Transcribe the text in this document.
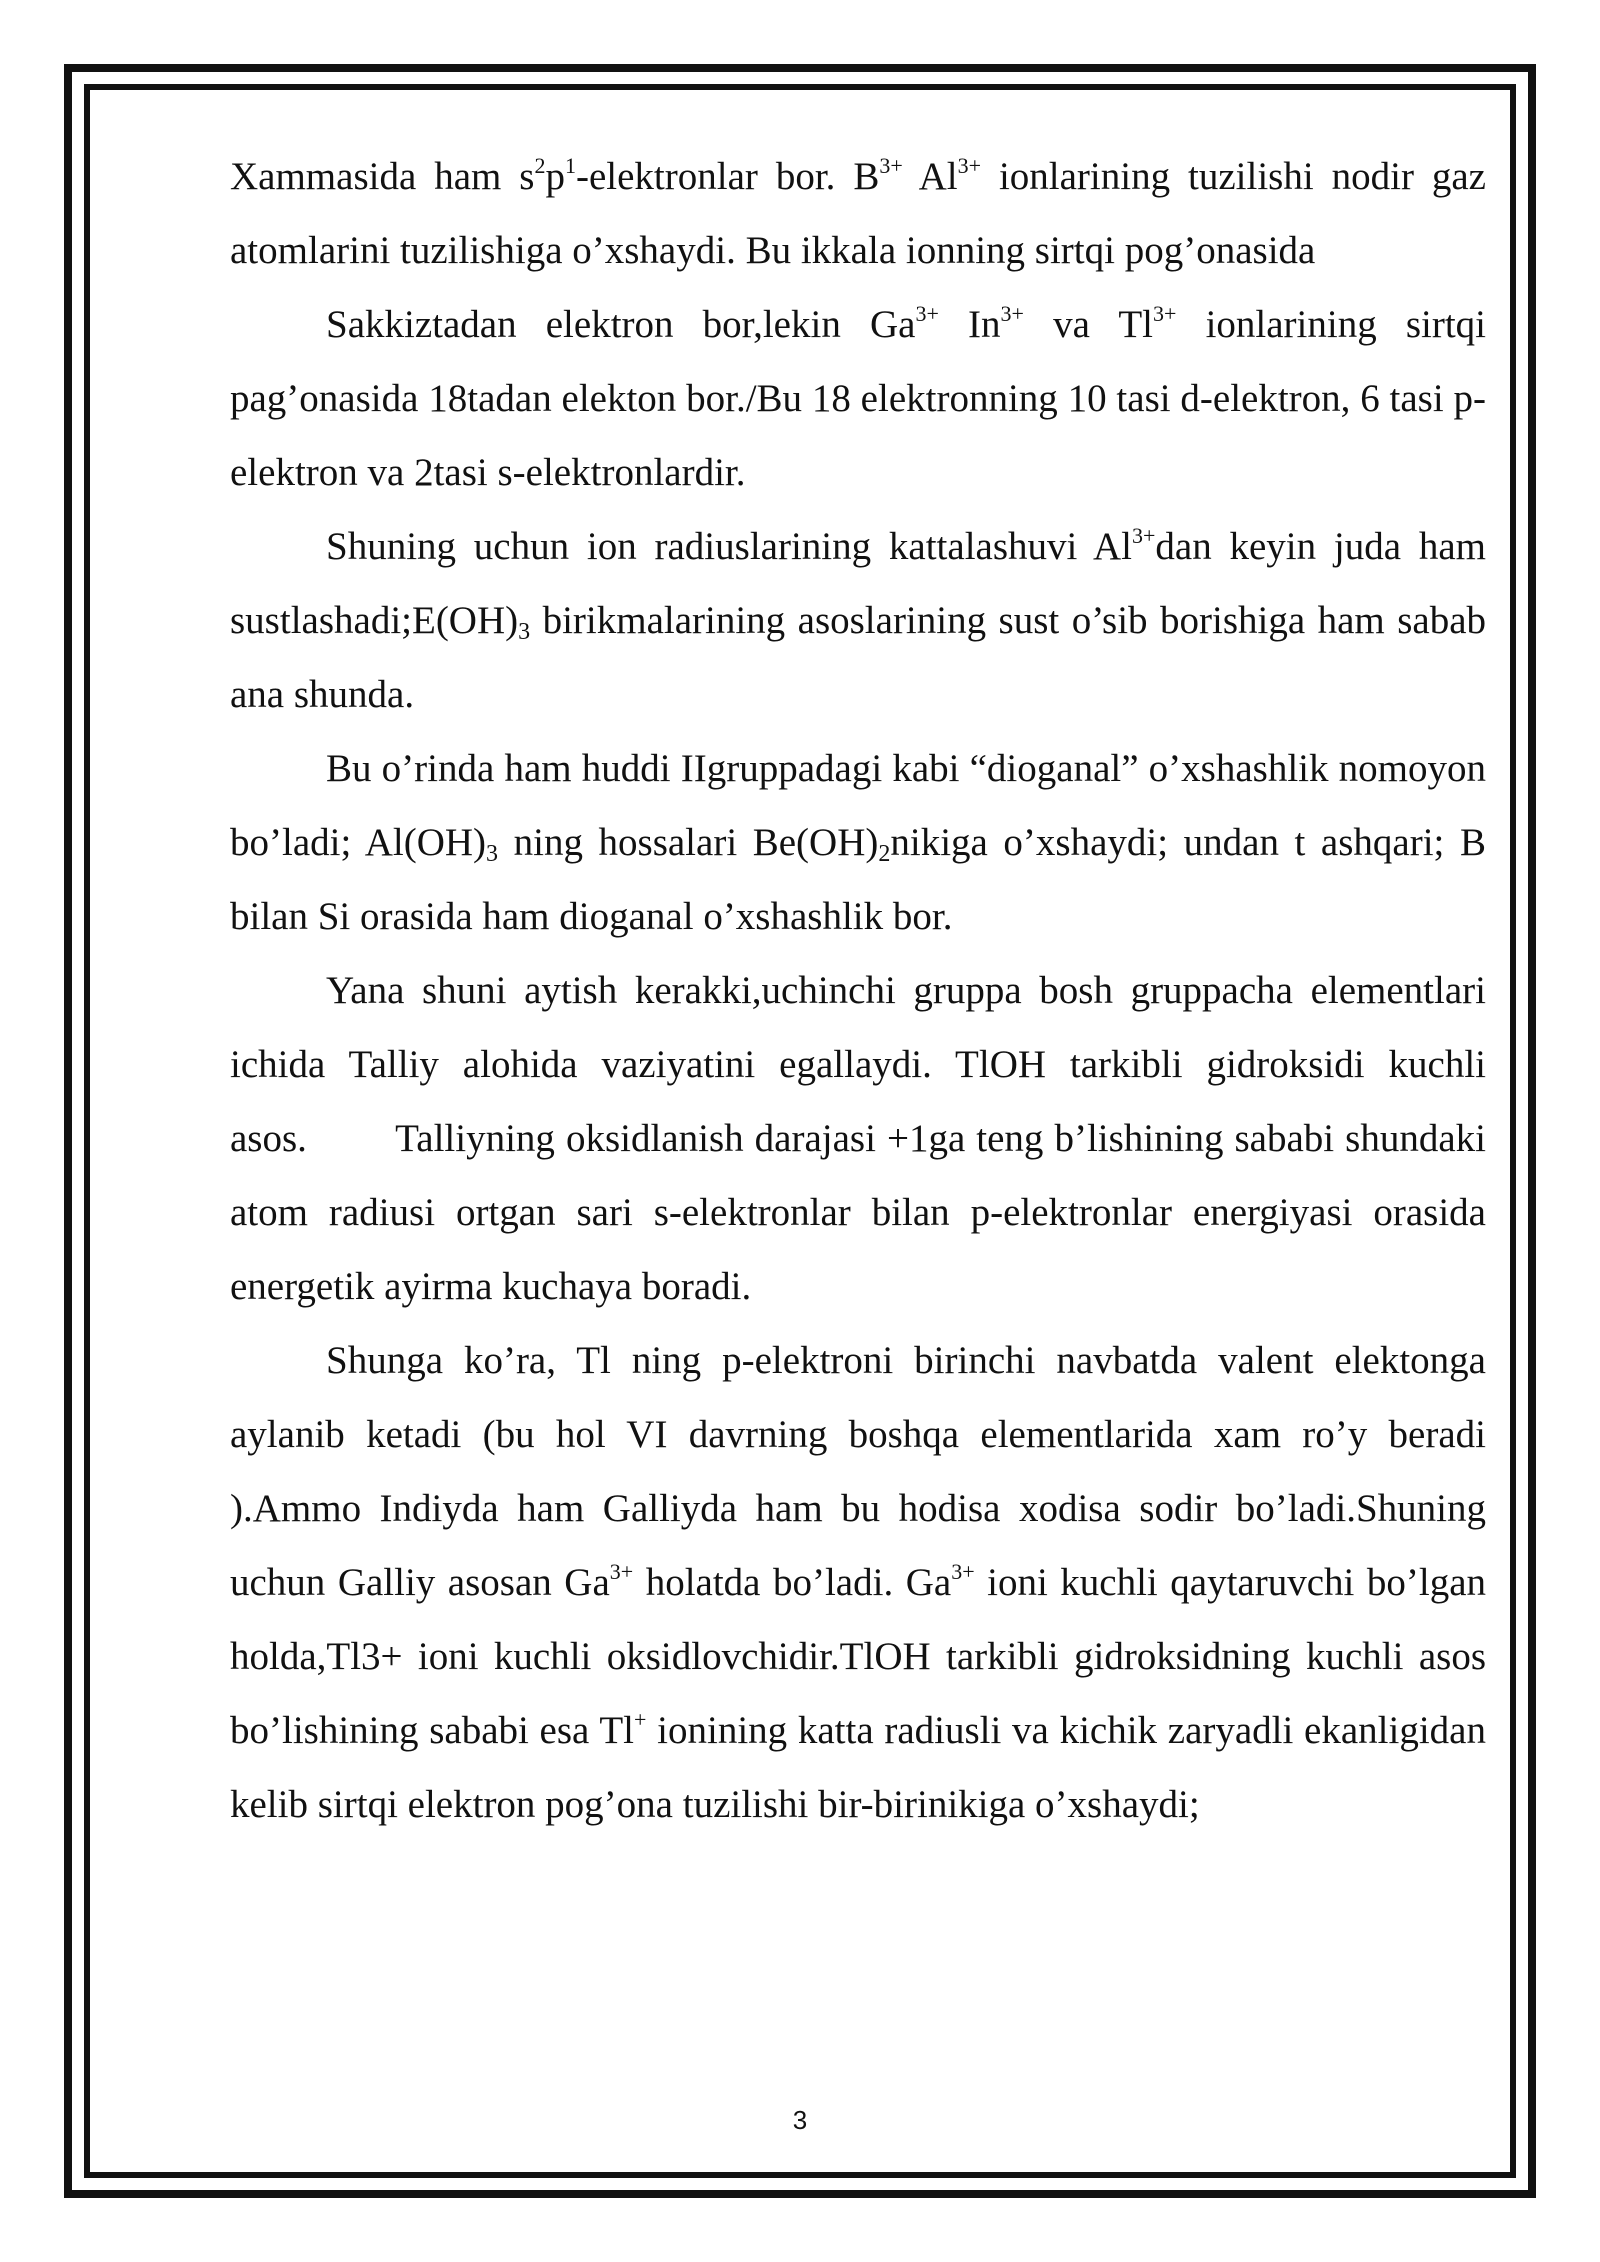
Xammasida ham $s^2p^1$-elektronlar bor. $B^{3+}$ $Al^{3+}$ ionlarining tuzilishi nodir gaz atomlarini tuzilishiga o’xshaydi. Bu ikkala ionning sirtqi pog’onasida

Sakkiztadan elektron bor,lekin $Ga^{3+}$ $In^{3+}$ va $Tl^{3+}$ ionlarining sirtqi pag’onasida 18tadan elekton bor./Bu 18 elektronning 10 tasi d-elektron, 6 tasi p-elektron va 2tasi s-elektronlardir.

Shuning uchun ion radiuslarining kattalashuvi $Al^{3+}dan$ keyin juda ham $sustlashadi;E(OH)_3$ birikmalarining asoslarining sust o’sib borishiga ham sabab ana shunda.

Bu o’rinda ham huddi IIgruppadagi kabi “dioganal” o’xshashlik nomoyon bo’ladi; $Al(OH)_3$ ning hossalari $Be(OH)_2nikiga$ o’xshaydi; undan t ashqari; B bilan Si orasida ham dioganal o’xshashlik bor.

Yana shuni aytish kerakki,uchinchi gruppa bosh gruppacha elementlari ichida Talliy alohida vaziyatini egallaydi. TlOH tarkibli gidroksidi kuchli asos. Talliyning oksidlanish darajasi +1ga teng b’lishining sababi shundaki atom radiusi ortgan sari s-elektronlar bilan p-elektronlar energiyasi orasida energetik ayirma kuchaya boradi.

Shunga ko’ra, Tl ning p-elektroni birinchi navbatda valent elektonga aylanib ketadi (bu hol VI davrning boshqa elementlarida xam ro’y beradi ).Ammo Indiyda ham Galliyda ham bu hodisa xodisa sodir bo’ladi.Shuning uchun Galliy asosan $Ga^{3+}$ holatda bo’ladi. $Ga^{3+}$ ioni kuchli qaytaruvchi bo’lgan holda,Tl3+ ioni kuchli oksidlovchidir.TlOH tarkibli gidroksidning kuchli asos bo’lishining sababi esa Tl+ ionining katta radiusli va kichik zaryadli ekanligidan kelib sirtqi elektron pog’ona tuzilishi bir-birinikiga o’xshaydi;

3
